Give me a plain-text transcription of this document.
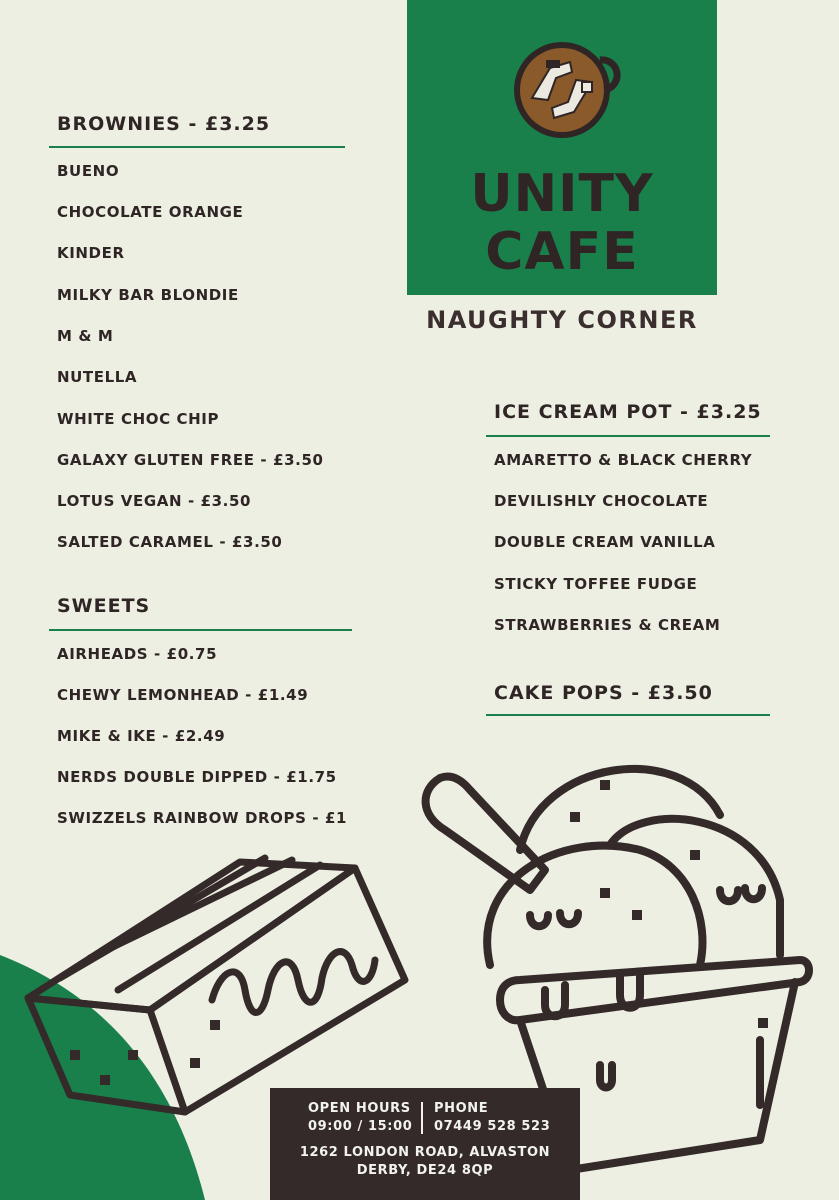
UNITY
CAFE
NAUGHTY CORNER
BROWNIES - £3.25
BUENO
CHOCOLATE ORANGE
KINDER
MILKY BAR BLONDIE
M & M
NUTELLA
WHITE CHOC CHIP
GALAXY GLUTEN FREE - £3.50
LOTUS VEGAN - £3.50
SALTED CARAMEL - £3.50
SWEETS
AIRHEADS - £0.75
CHEWY LEMONHEAD - £1.49
MIKE & IKE - £2.49
NERDS DOUBLE DIPPED - £1.75
SWIZZELS RAINBOW DROPS - £1
ICE CREAM POT - £3.25
AMARETTO & BLACK CHERRY
DEVILISHLY CHOCOLATE
DOUBLE CREAM VANILLA
STICKY TOFFEE FUDGE
STRAWBERRIES & CREAM
CAKE POPS - £3.50
OPEN HOURS
09:00 / 15:00
PHONE
07449 528 523
1262 LONDON ROAD, ALVASTON
DERBY, DE24 8QP
